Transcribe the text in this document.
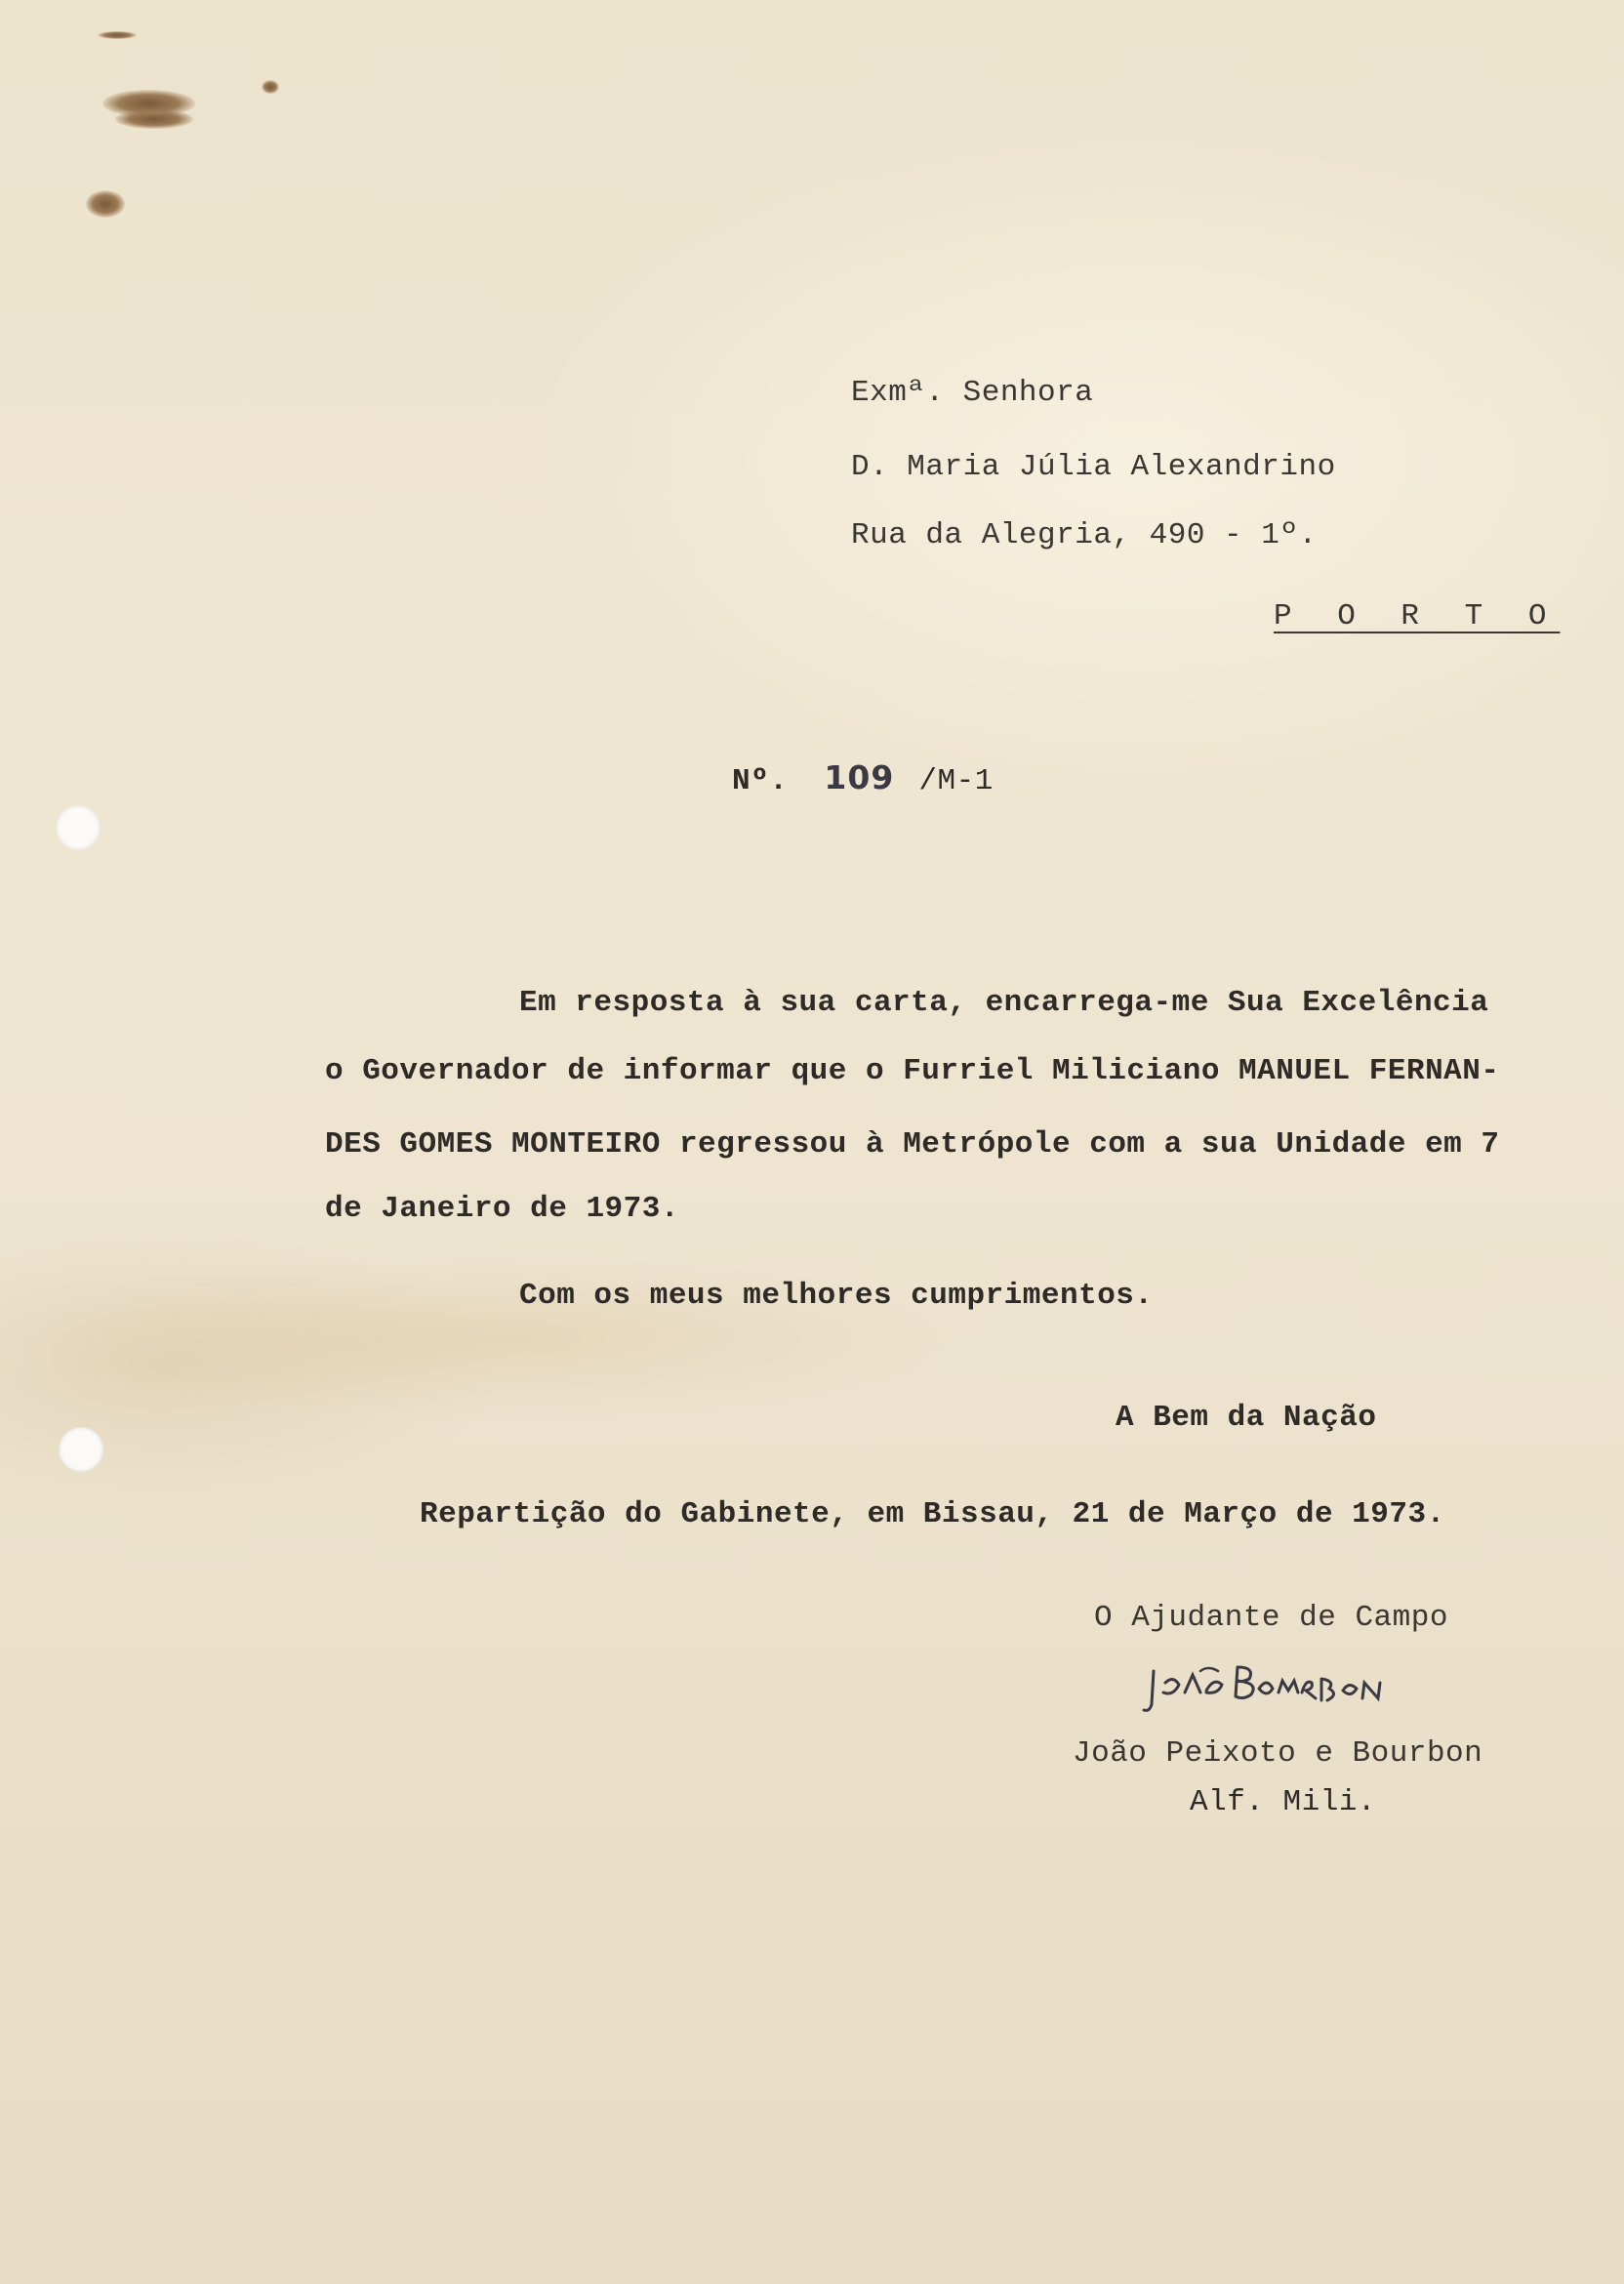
Exmª. Senhora
D. Maria Júlia Alexandrino
Rua da Alegria, 490 - 1º.
P O R T O
Nº. 109 /M-1
Em resposta à sua carta, encarrega-me Sua Excelência
o Governador de informar que o Furriel Miliciano MANUEL FERNAN-
DES GOMES MONTEIRO regressou à Metrópole com a sua Unidade em 7
de Janeiro de 1973.
Com os meus melhores cumprimentos.
A Bem da Nação
Repartição do Gabinete, em Bissau, 21 de Março de 1973.
O Ajudante de Campo
João Peixoto e Bourbon
Alf. Mili.
